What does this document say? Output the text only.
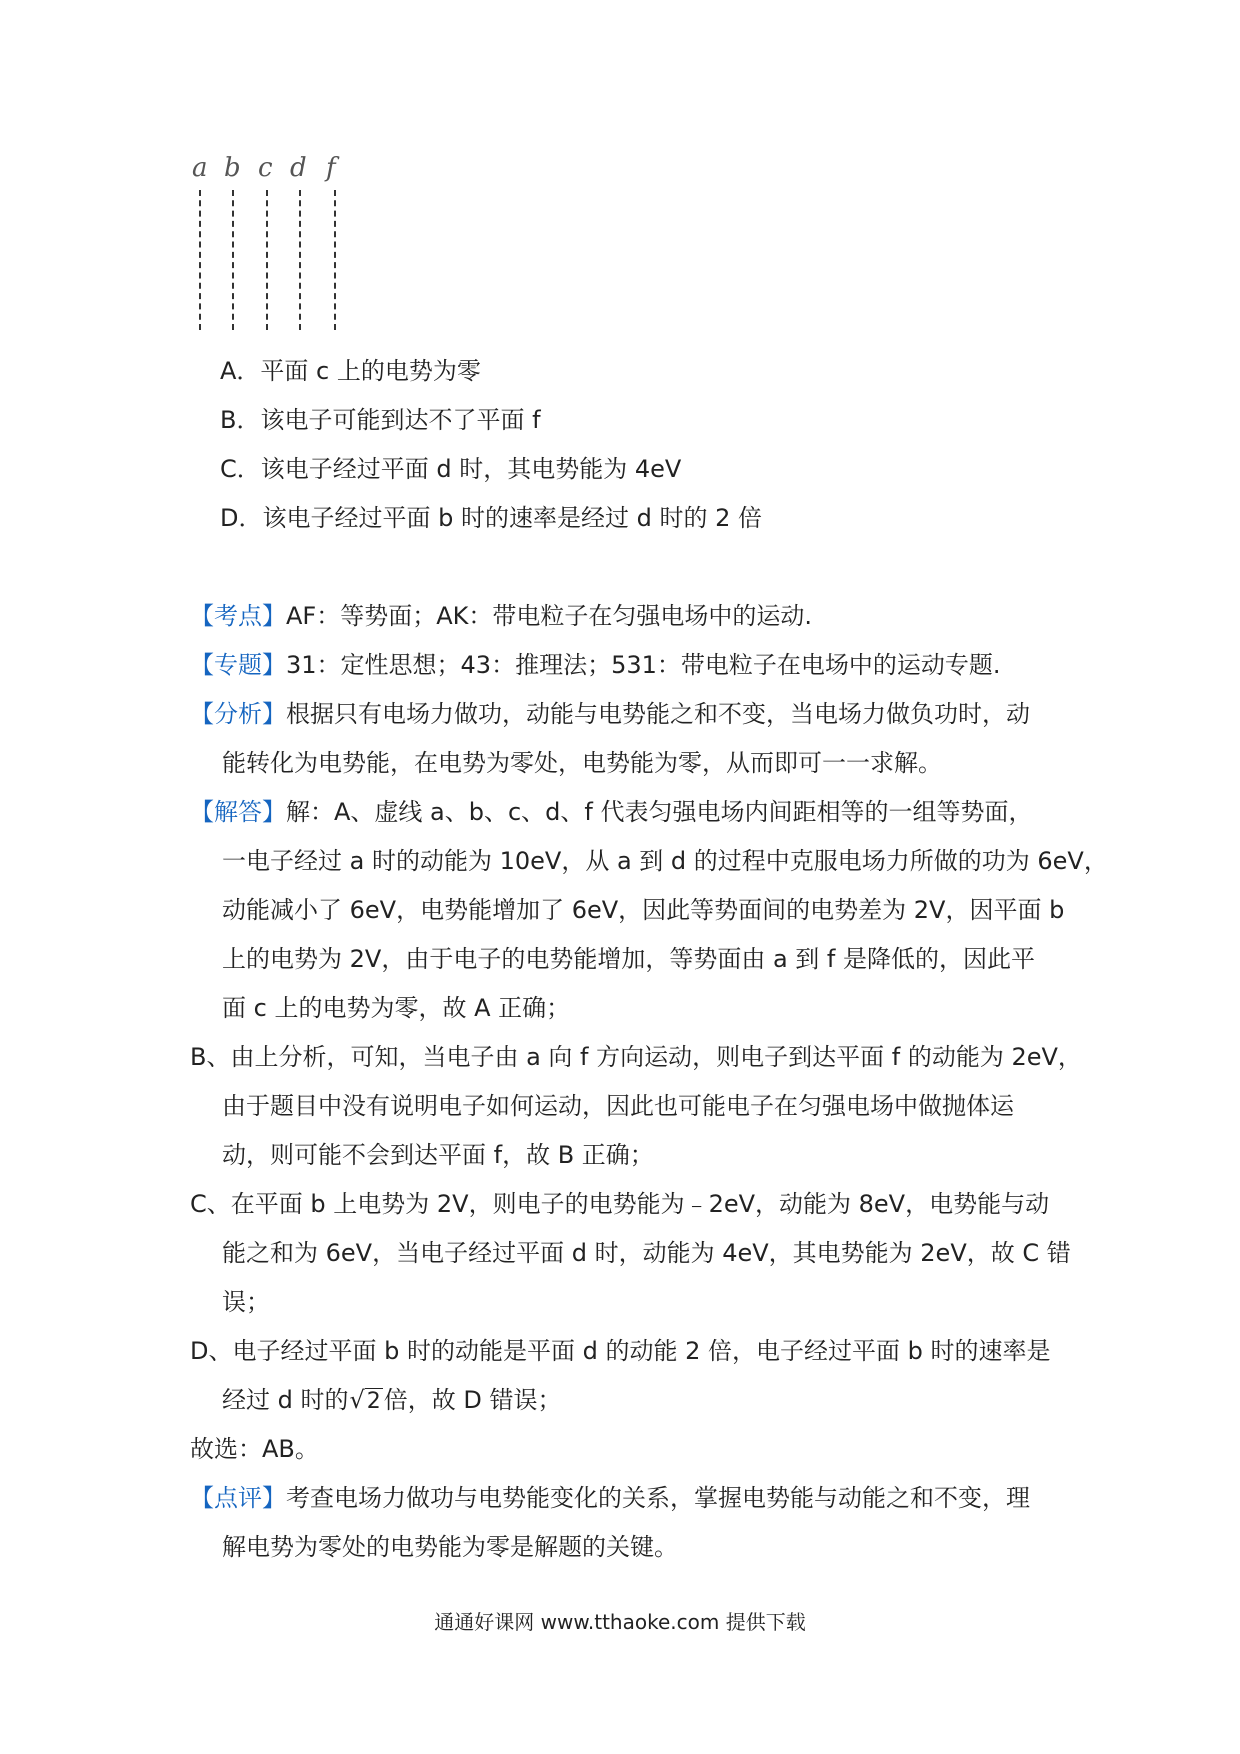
a b c d f
A．平面 c 上的电势为零
B．该电子可能到达不了平面 f
C．该电子经过平面 d 时，其电势能为 4eV
D．该电子经过平面 b 时的速率是经过 d 时的 2 倍
【考点】AF：等势面；AK：带电粒子在匀强电场中的运动.
【专题】31：定性思想；43：推理法；531：带电粒子在电场中的运动专题.
【分析】根据只有电场力做功，动能与电势能之和不变，当电场力做负功时，动
能转化为电势能，在电势为零处，电势能为零，从而即可一一求解。
【解答】解：A、虚线 a、b、c、d、f 代表匀强电场内间距相等的一组等势面，
一电子经过 a 时的动能为 10eV，从 a 到 d 的过程中克服电场力所做的功为 6eV，
动能减小了 6eV，电势能增加了 6eV，因此等势面间的电势差为 2V，因平面 b
上的电势为 2V，由于电子的电势能增加，等势面由 a 到 f 是降低的，因此平
面 c 上的电势为零，故 A 正确；
B、由上分析，可知，当电子由 a 向 f 方向运动，则电子到达平面 f 的动能为 2eV，
由于题目中没有说明电子如何运动，因此也可能电子在匀强电场中做抛体运
动，则可能不会到达平面 f，故 B 正确；
C、在平面 b 上电势为 2V，则电子的电势能为﹣2eV，动能为 8eV，电势能与动
能之和为 6eV，当电子经过平面 d 时，动能为 4eV，其电势能为 2eV，故 C 错
误；
D、电子经过平面 b 时的动能是平面 d 的动能 2 倍，电子经过平面 b 时的速率是
经过 d 时的√2 倍，故 D 错误；
故选：AB。
【点评】考查电场力做功与电势能变化的关系，掌握电势能与动能之和不变，理
解电势为零处的电势能为零是解题的关键。
通通好课网 www.tthaoke.com 提供下载
